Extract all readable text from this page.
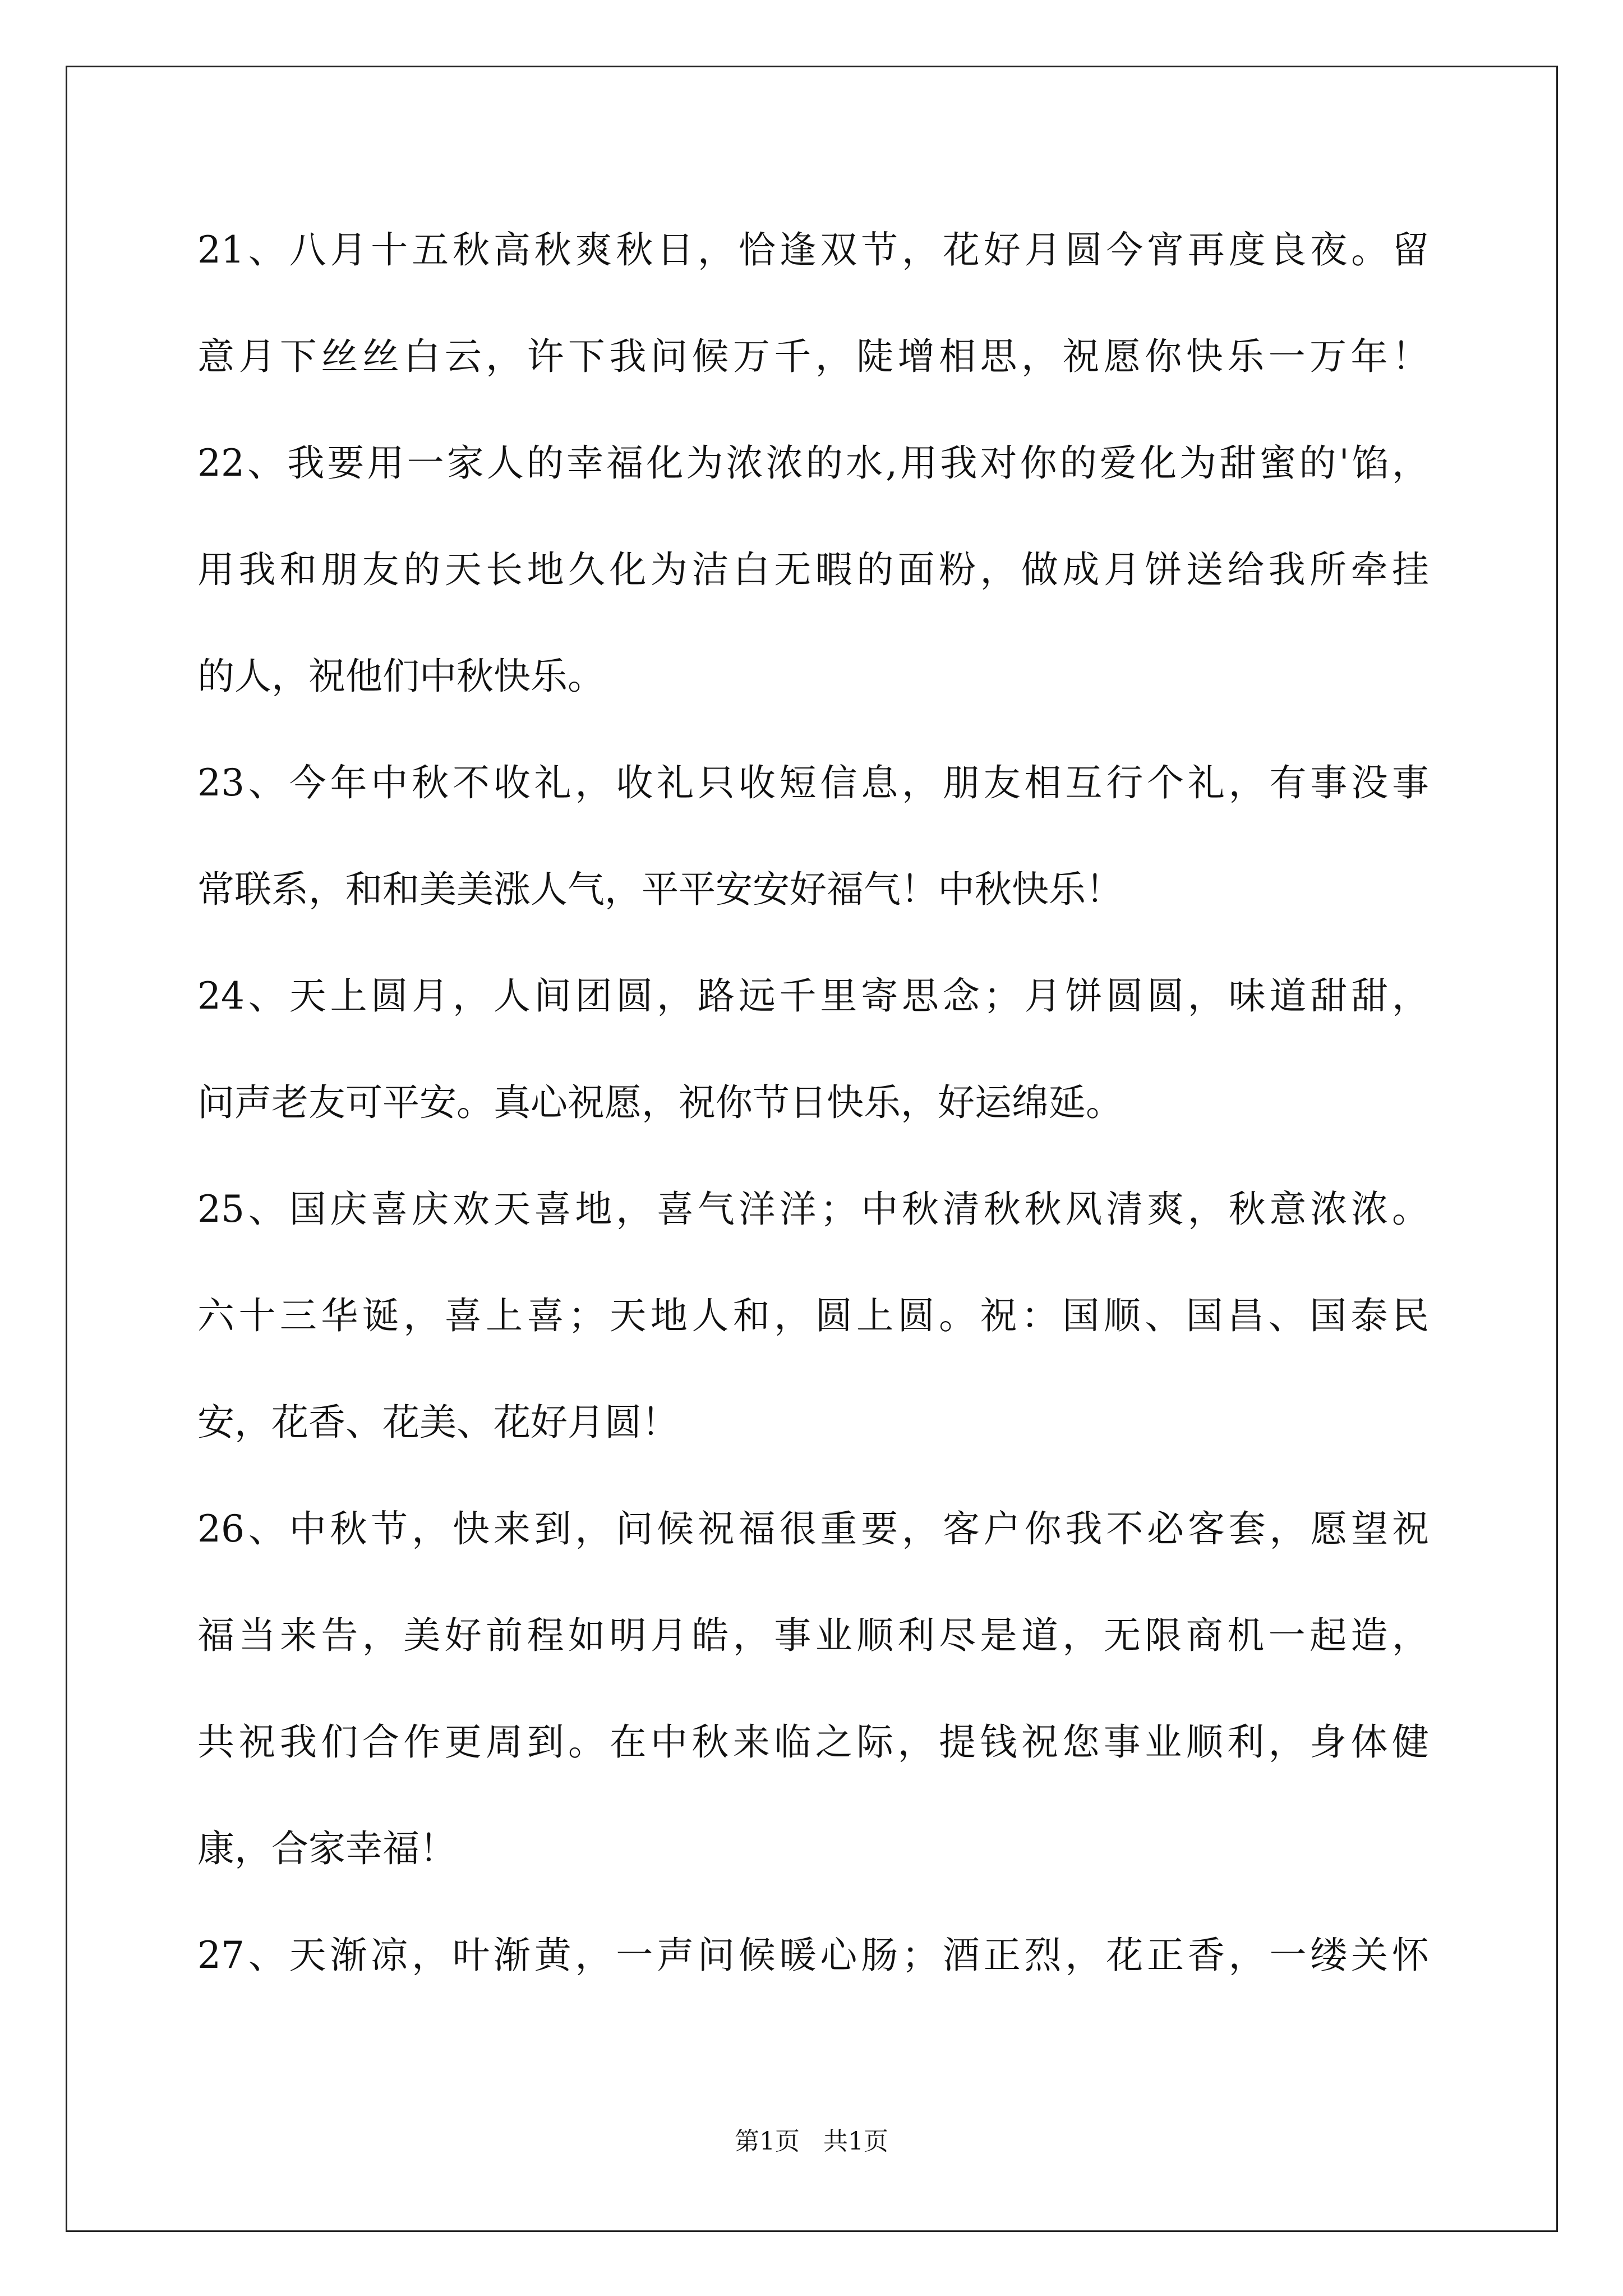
21、八月十五秋高秋爽秋日，恰逢双节，花好月圆今宵再度良夜。留
意月下丝丝白云，许下我问候万千，陡增相思，祝愿你快乐一万年！
22、我要用一家人的幸福化为浓浓的水,用我对你的爱化为甜蜜的'馅，
用我和朋友的天长地久化为洁白无暇的面粉，做成月饼送给我所牵挂
的人，祝他们中秋快乐。
23、今年中秋不收礼，收礼只收短信息，朋友相互行个礼，有事没事
常联系，和和美美涨人气，平平安安好福气！中秋快乐！
24、天上圆月，人间团圆，路远千里寄思念；月饼圆圆，味道甜甜，
问声老友可平安。真心祝愿，祝你节日快乐，好运绵延。
25、国庆喜庆欢天喜地，喜气洋洋；中秋清秋秋风清爽，秋意浓浓。
六十三华诞，喜上喜；天地人和，圆上圆。祝：国顺、国昌、国泰民
安，花香、花美、花好月圆！
26、中秋节，快来到，问候祝福很重要，客户你我不必客套，愿望祝
福当来告，美好前程如明月皓，事业顺利尽是道，无限商机一起造，
共祝我们合作更周到。在中秋来临之际，提钱祝您事业顺利，身体健
康，合家幸福！
27、天渐凉，叶渐黄，一声问候暖心肠；酒正烈，花正香，一缕关怀
第1页   共1页
